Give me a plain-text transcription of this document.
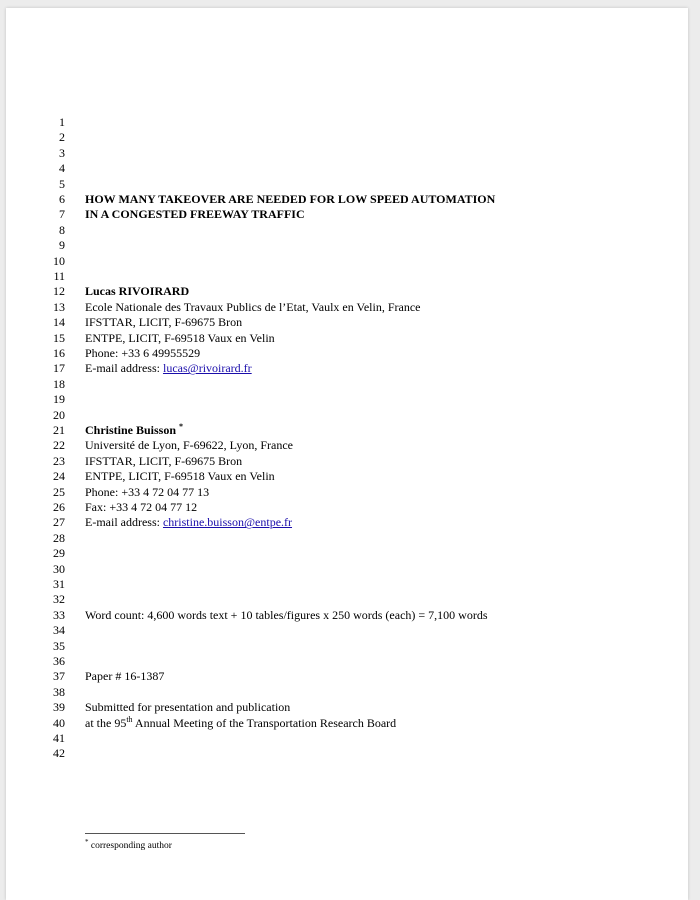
1
2
3
4
5
6 HOW MANY TAKEOVER ARE NEEDED FOR LOW SPEED AUTOMATION
7 IN A CONGESTED FREEWAY TRAFFIC
8
9
10
11
12 Lucas RIVOIRARD
13 Ecole Nationale des Travaux Publics de l’Etat, Vaulx en Velin, France
14 IFSTTAR, LICIT, F-69675 Bron
15 ENTPE, LICIT, F-69518 Vaux en Velin
16 Phone: +33 6 49955529
17 E-mail address: lucas@rivoirard.fr
18
19
20
21 Christine Buisson *
22 Université de Lyon, F-69622, Lyon, France
23 IFSTTAR, LICIT, F-69675 Bron
24 ENTPE, LICIT, F-69518 Vaux en Velin
25 Phone: +33 4 72 04 77 13
26 Fax: +33 4 72 04 77 12
27 E-mail address: christine.buisson@entpe.fr
28
29
30
31
32
33 Word count: 4,600 words text + 10 tables/figures x 250 words (each) = 7,100 words
34
35
36
37 Paper # 16-1387
38
39 Submitted for presentation and publication
40 at the 95th Annual Meeting of the Transportation Research Board
41
42
* corresponding author
